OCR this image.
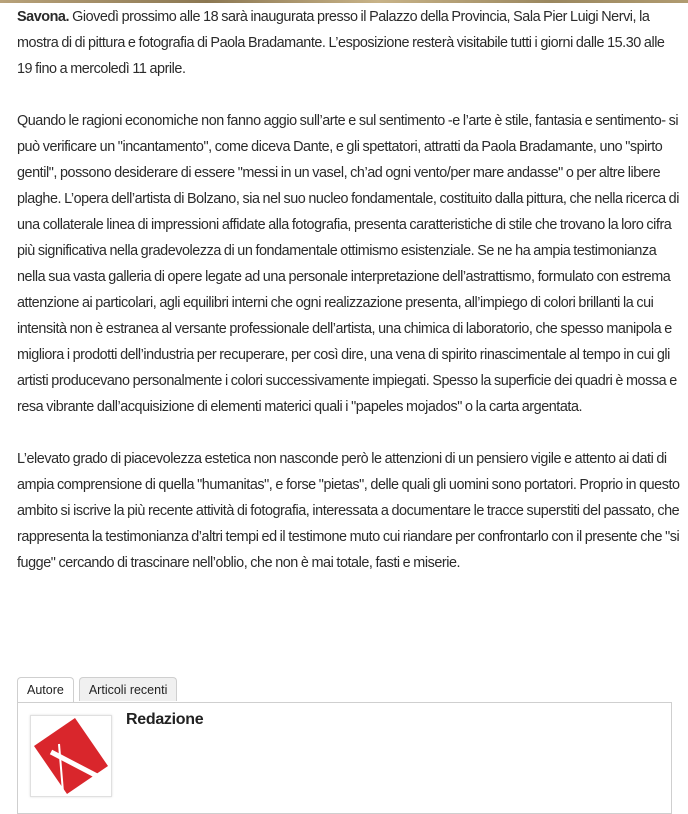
Savona. Giovedì prossimo alle 18 sarà inaugurata presso il Palazzo della Provincia, Sala Pier Luigi Nervi, la mostra di di pittura e fotografia di Paola Bradamante. L’esposizione resterà visitabile tutti i giorni dalle 15.30 alle 19 fino a mercoledì 11 aprile.

Quando le ragioni economiche non fanno aggio sull’arte e sul sentimento -e l’arte è stile, fantasia e sentimento- si può verificare un "incantamento", come diceva Dante, e gli spettatori, attratti da Paola Bradamante, uno "spirto gentil", possono desiderare di essere "messi in un vasel, ch’ad ogni vento/per mare andasse" o per altre libere plaghe. L’opera dell’artista di Bolzano, sia nel suo nucleo fondamentale, costituito dalla pittura, che nella ricerca di una collaterale linea di impressioni affidate alla fotografia, presenta caratteristiche di stile che trovano la loro cifra più significativa nella gradevolezza di un fondamentale ottimismo esistenziale. Se ne ha ampia testimonianza nella sua vasta galleria di opere legate ad una personale interpretazione dell’astrattismo, formulato con estrema attenzione ai particolari, agli equilibri interni che ogni realizzazione presenta, all’impiego di colori brillanti la cui intensità non è estranea al versante professionale dell’artista, una chimica di laboratorio, che spesso manipola e migliora i prodotti dell’industria per recuperare, per così dire, una vena di spirito rinascimentale al tempo in cui gli artisti producevano personalmente i colori successivamente impiegati. Spesso la superficie dei quadri è mossa e resa vibrante dall’acquisizione di elementi materici quali i "papeles mojados" o la carta argentata.

L’elevato grado di piacevolezza estetica non nasconde però le attenzioni di un pensiero vigile e attento ai dati di ampia comprensione di quella "humanitas", e forse "pietas", delle quali gli uomini sono portatori. Proprio in questo ambito si iscrive la più recente attività di fotografia, interessata a documentare le tracce superstiti del passato, che rappresenta la testimonianza d’altri tempi ed il testimone muto cui riandare per confrontarlo con il presente che "si fugge" cercando di trascinare nell’oblio, che non è mai totale, fasti e miserie.

Autore	Articoli recenti
Redazione
